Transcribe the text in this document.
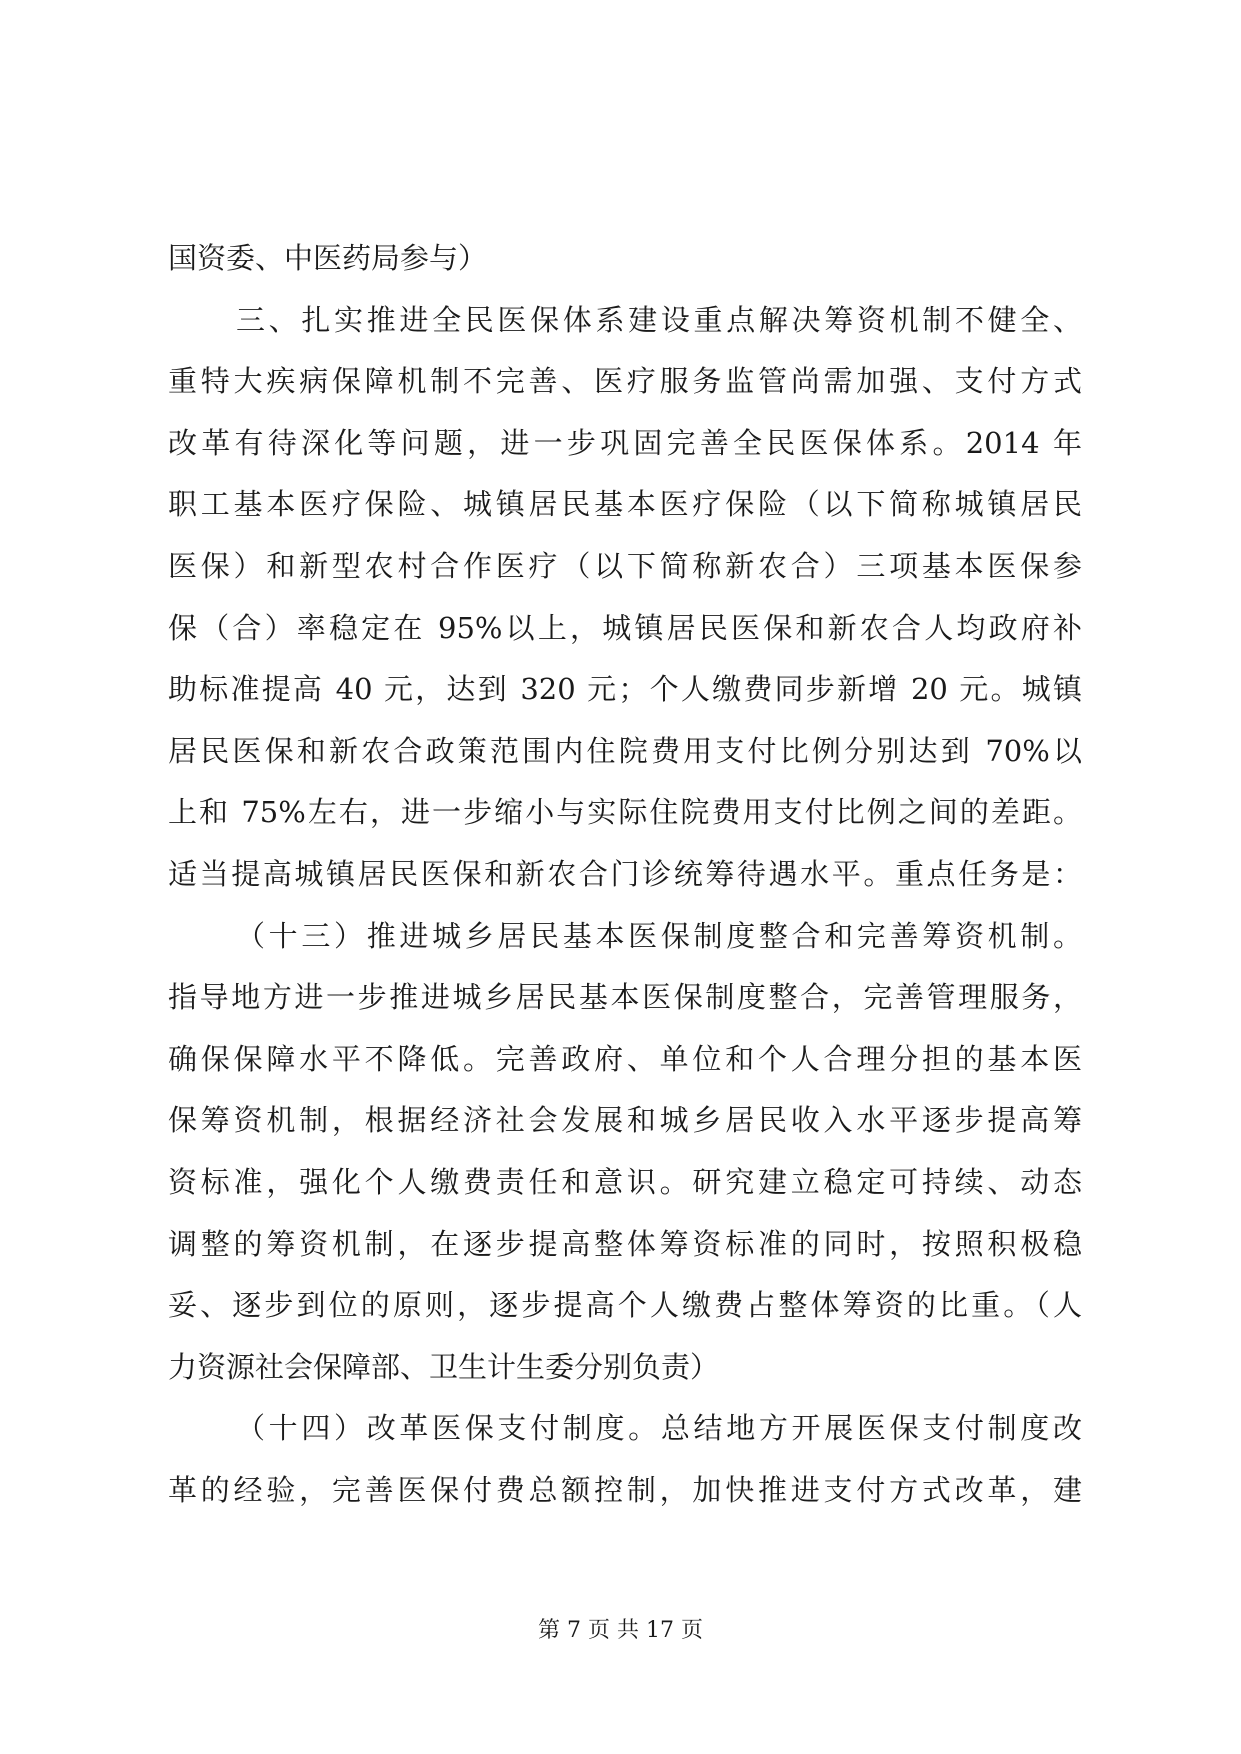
国资委、中医药局参与）
三、扎实推进全民医保体系建设重点解决筹资机制不健全、
重特大疾病保障机制不完善、医疗服务监管尚需加强、支付方式
改革有待深化等问题，进一步巩固完善全民医保体系。2014 年
职工基本医疗保险、城镇居民基本医疗保险（以下简称城镇居民
医保）和新型农村合作医疗（以下简称新农合）三项基本医保参
保（合）率稳定在 95%以上，城镇居民医保和新农合人均政府补
助标准提高 40 元，达到 320 元；个人缴费同步新增 20 元。城镇
居民医保和新农合政策范围内住院费用支付比例分别达到 70%以
上和 75%左右，进一步缩小与实际住院费用支付比例之间的差距。
适当提高城镇居民医保和新农合门诊统筹待遇水平。重点任务是：
（十三）推进城乡居民基本医保制度整合和完善筹资机制。
指导地方进一步推进城乡居民基本医保制度整合，完善管理服务，
确保保障水平不降低。完善政府、单位和个人合理分担的基本医
保筹资机制，根据经济社会发展和城乡居民收入水平逐步提高筹
资标准，强化个人缴费责任和意识。研究建立稳定可持续、动态
调整的筹资机制，在逐步提高整体筹资标准的同时，按照积极稳
妥、逐步到位的原则，逐步提高个人缴费占整体筹资的比重。（人
力资源社会保障部、卫生计生委分别负责）
（十四）改革医保支付制度。总结地方开展医保支付制度改
革的经验，完善医保付费总额控制，加快推进支付方式改革，建
第 7 页 共 17 页
